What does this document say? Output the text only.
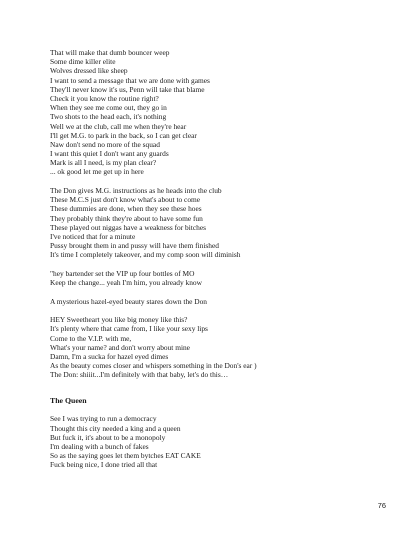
That will make that dumb bouncer weep
Some dime killer elite
Wolves dressed like sheep
I want to send a message that we are done with games
They'll never know it's us, Penn will take that blame
Check it you know the routine right?
When they see me come out, they go in
Two shots to the head each, it's nothing
Well we at the club, call me when they're hear
I'll get M.G. to park in the back, so I can get clear
Naw don't send no more of the squad
I want this quiet I don't want any guards
Mark is all I need, is my plan clear?
... ok good let me get up in here
The Don gives M.G. instructions as he heads into the club
These M.C.S just don't know what's about to come
These dummies are done, when they see these hoes
They probably think they're about to have some fun
These played out niggas have a weakness for bitches
I've noticed that for a minute
Pussy brought them in and pussy will have them finished
It's time I completely takeover, and my comp soon will diminish
"hey bartender set the VIP up four bottles of MO
Keep the change... yeah I'm him, you already know
A mysterious hazel-eyed beauty stares down the Don
HEY Sweetheart you like big money like this?
It's plenty where that came from, I like your sexy lips
Come to the V.I.P. with me,
What's your name? and don't worry about mine
Damn, I'm a sucka for hazel eyed dimes
As the beauty comes closer and whispers something in the Don's ear )
The Don: shiiit...I'm definitely with that baby, let's do this…
The Queen
See I was trying to run a democracy
Thought this city needed a king and a queen
But fuck it, it's about to be a monopoly
I'm dealing with a bunch of fakes
So as the saying goes let them bytches EAT CAKE
Fuck being nice, I done tried all that
76
